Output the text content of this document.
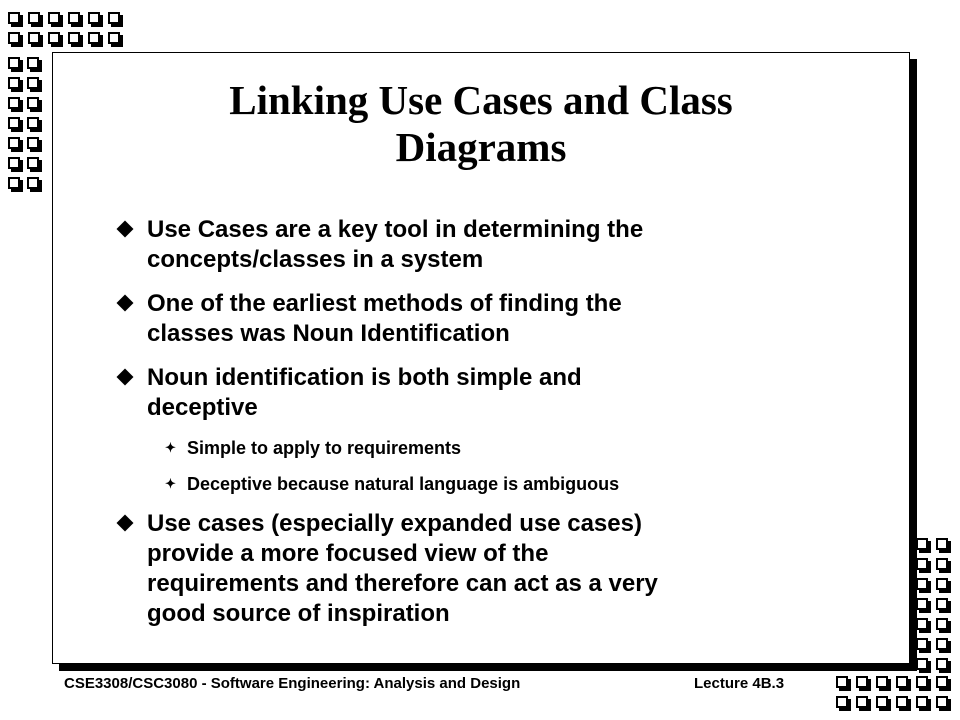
Linking Use Cases and Class
Diagrams
Use Cases are a key tool in determining the
concepts/classes in a system
One of the earliest methods of finding the
classes was Noun Identification
Noun identification is both simple and
deceptive
✦ Simple to apply to requirements
✦ Deceptive because natural language is ambiguous
Use cases (especially expanded use cases)
provide a more focused view of the
requirements and therefore can act as a very
good source of inspiration
CSE3308/CSC3080 - Software Engineering: Analysis and Design	Lecture 4B.3
